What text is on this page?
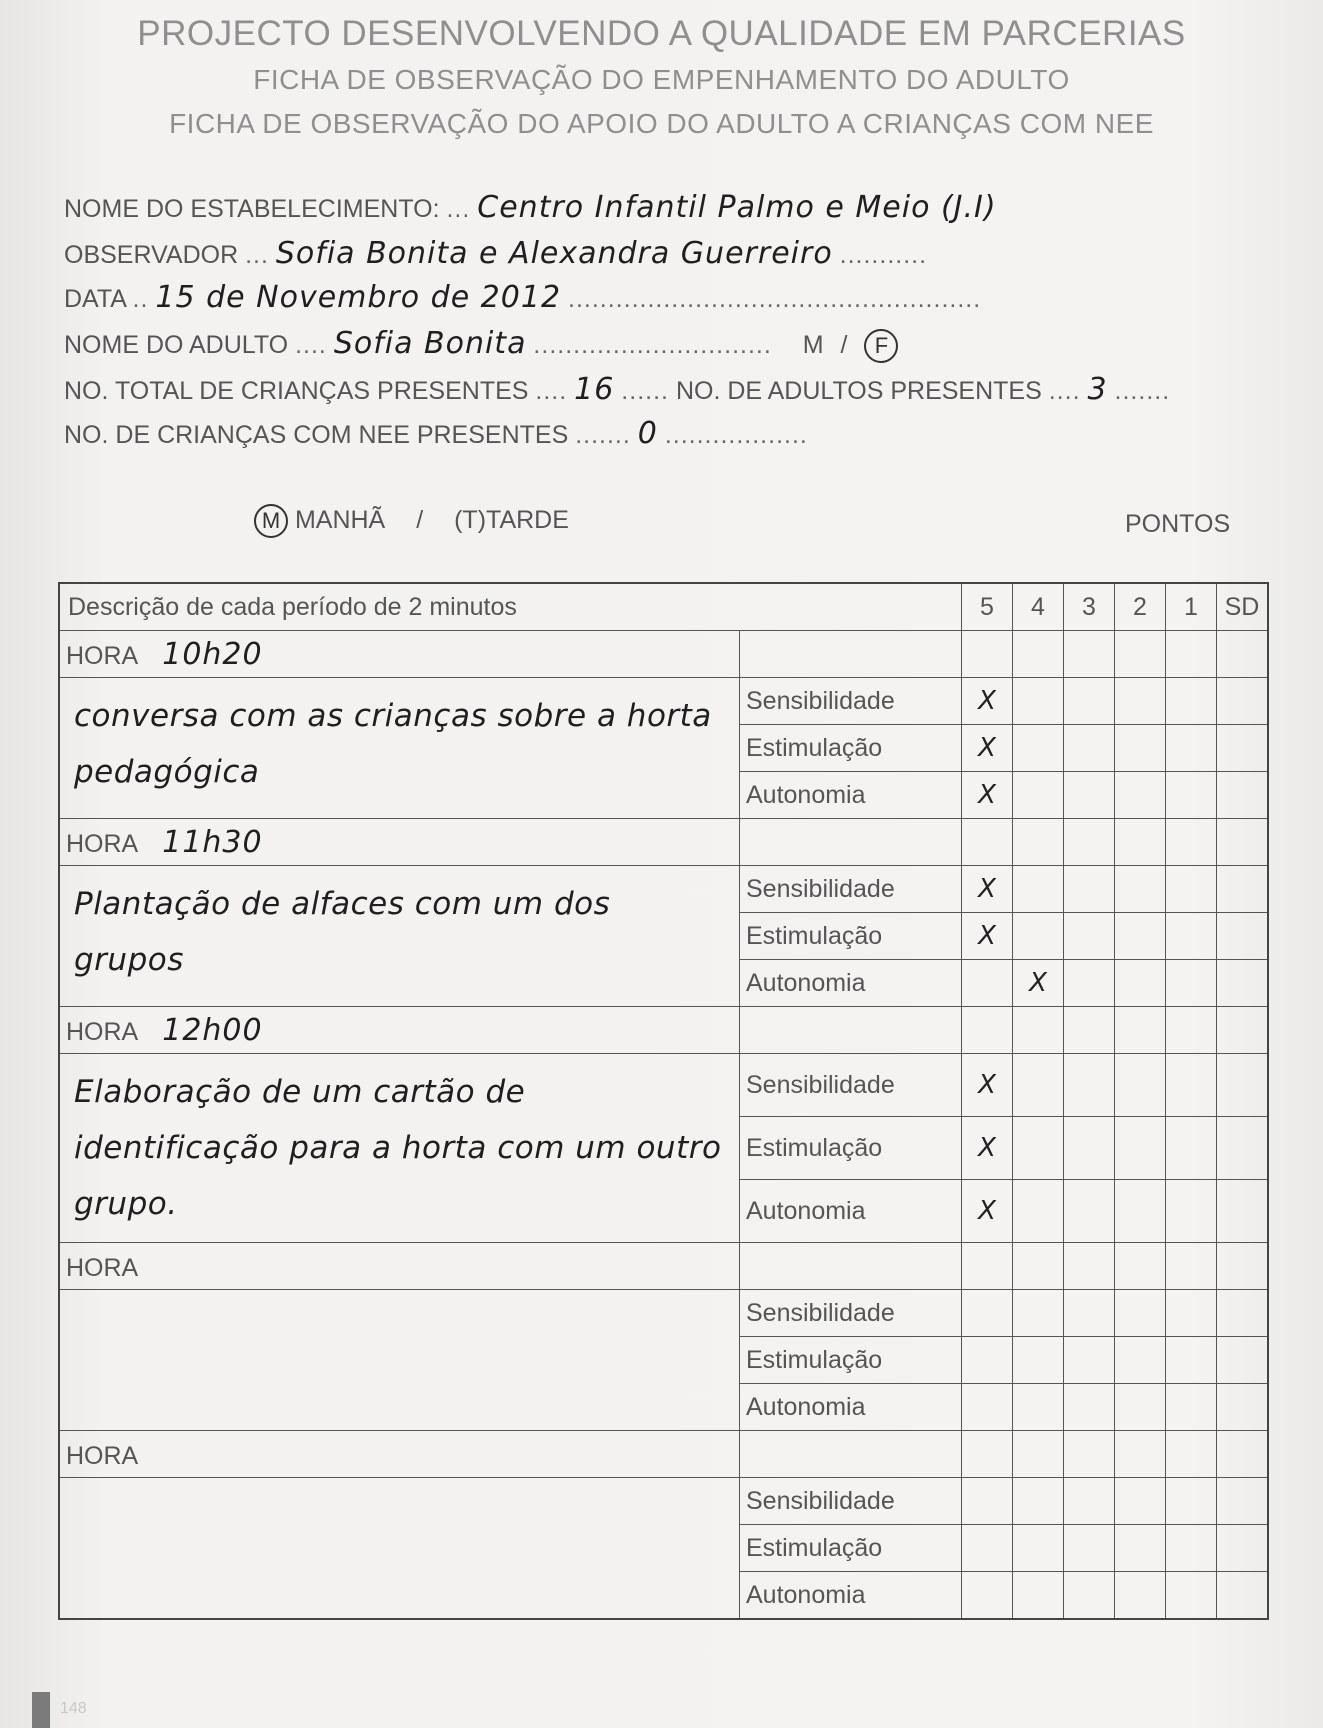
PROJECTO DESENVOLVENDO A QUALIDADE EM PARCERIAS
FICHA DE OBSERVAÇÃO DO EMPENHAMENTO DO ADULTO
FICHA DE OBSERVAÇÃO DO APOIO DO ADULTO A CRIANÇAS COM NEE
NOME DO ESTABELECIMENTO: ... Centro Infantil Palmo e Meio (J.I)
OBSERVADOR ... Sofia Bonita e Alexandra Guerreiro ...........
DATA .. 15 de Novembro de 2012 ....................................................
NOME DO ADULTO .... Sofia Bonita .............................. M / F
NO. TOTAL DE CRIANÇAS PRESENTES .... 16 ...... NO. DE ADULTOS PRESENTES .... 3 .......
NO. DE CRIANÇAS COM NEE PRESENTES ....... 0 ..................
M MANHÃ / (T)TARDE	PONTOS
Descrição de cada período de 2 minutos		5	4	3	2	1	SD
HORA 10h20							

conversa com as crianças sobre a horta pedagógica	Sensibilidade	X					
	Estimulação	X					
	Autonomia	X					
HORA 11h30							

Plantação de alfaces com um dos grupos	Sensibilidade	X					
	Estimulação	X					
	Autonomia		X				
HORA 12h00							

Elaboração de um cartão de identificação para a horta com um outro grupo.	Sensibilidade	X					
	Estimulação	X					
	Autonomia	X					
HORA							

	Sensibilidade						
	Estimulação						
	Autonomia						
HORA							

	Sensibilidade						
	Estimulação						
	Autonomia						
148
